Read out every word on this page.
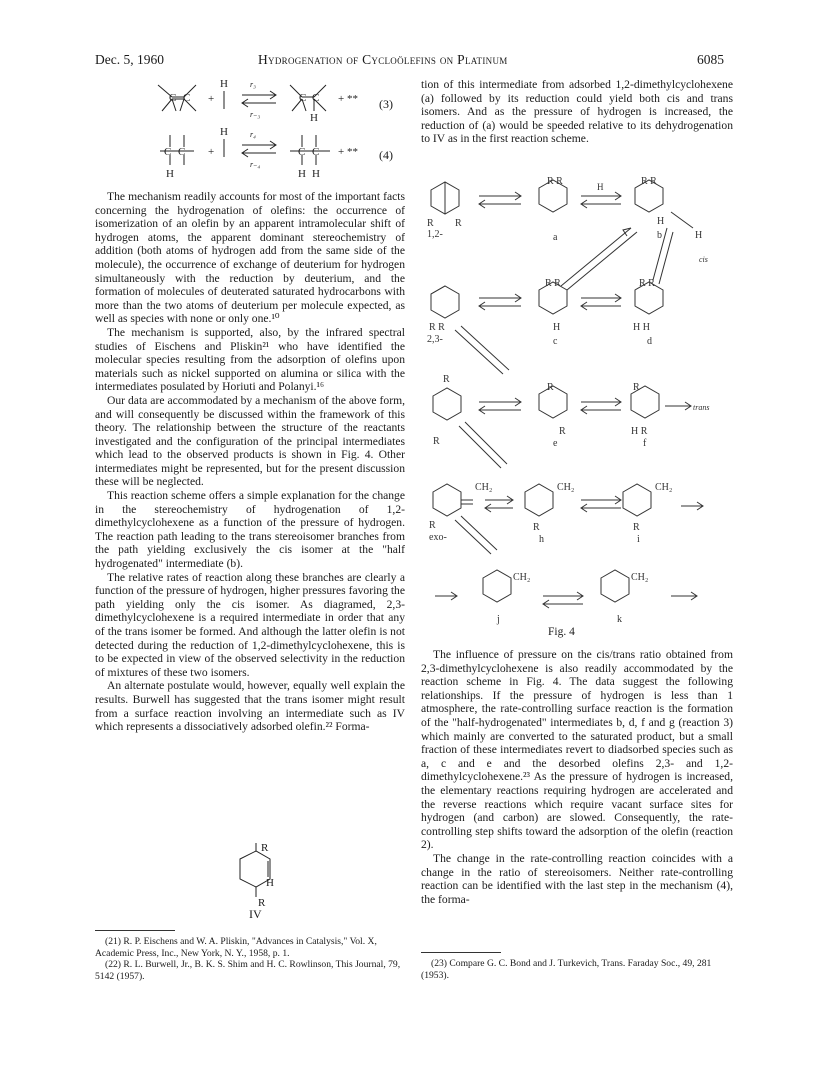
Dec. 5, 1960	Hydrogenation of Cycloölefins on Platinum	6085
C C +
H	r₃
r₋₃
C C
H
+ **
C C
H
+
H	r₄
r₋₄
C C
H H
+ **
(3)
(4)

The mechanism readily accounts for most of the important facts concerning the hydrogenation of olefins: the occurrence of isomerization of an olefin by an apparent intramolecular shift of hydrogen atoms, the apparent dominant stereochemistry of addition (both atoms of hydrogen add from the same side of the molecule), the occurrence of exchange of deuterium for hydrogen simultaneously with the reduction by deuterium, and the formation of molecules of deuterated saturated hydrocarbons with more than the two atoms of deuterium per molecule expected, as well as species with none or only one.¹⁰

The mechanism is supported, also, by the infrared spectral studies of Eischens and Pliskin²¹ who have identified the molecular species resulting from the adsorption of olefins upon materials such as nickel supported on alumina or silica with the intermediates posulated by Horiuti and Polanyi.¹⁶

Our data are accommodated by a mechanism of the above form, and will consequently be discussed within the framework of this theory. The relationship between the structure of the reactants investigated and the configuration of the principal intermediates which lead to the observed products is shown in Fig. 4. Other intermediates might be represented, but for the present discussion these will be neglected.

This reaction scheme offers a simple explanation for the change in the stereochemistry of hydrogenation of 1,2-dimethylcyclohexene as a function of the pressure of hydrogen. The reaction path leading to the trans stereoisomer branches from the path yielding exclusively the cis isomer at the "half hydrogenated" intermediate (b).

The relative rates of reaction along these branches are clearly a function of the pressure of hydrogen, higher pressures favoring the path yielding only the cis isomer. As diagramed, 2,3-dimethylcyclohexene is a required intermediate in order that any of the trans isomer be formed. And although the latter olefin is not detected during the reduction of 1,2-dimethylcyclohexene, this is to be expected in view of the observed selectivity in the reduction of mixtures of these two isomers.

An alternate postulate would, however, equally well explain the results. Burwell has suggested that the trans isomer might result from a surface reaction involving an intermediate such as IV which represents a dissociatively adsorbed olefin.²² Forma-

R
H
R
IV

(21) R. P. Eischens and W. A. Pliskin, "Advances in Catalysis," Vol. X, Academic Press, Inc., New York, N. Y., 1958, p. 1.

(22) R. L. Burwell, Jr., B. K. S. Shim and H. C. Rowlinson, This Journal, 79, 5142 (1957).

tion of this intermediate from adsorbed 1,2-dimethylcyclohexene (a) followed by its reduction could yield both cis and trans isomers. And as the pressure of hydrogen is increased, the reduction of (a) would be speeded relative to its dehydrogenation to IV as in the first reaction scheme.

R R
1,2-
R R
a
H	R R
H
b	H
cis
R R
2,3-
R R
H
c
R R
H H
d
R
R
R
R
e
R
H R
f
trans
CH₂	CH₂	CH₂
R
exo-
R
h
R
i
CH₂	CH₂
j	k
Fig. 4

The influence of pressure on the cis/trans ratio obtained from 2,3-dimethylcyclohexene is also readily accommodated by the reaction scheme in Fig. 4. The data suggest the following relationships. If the pressure of hydrogen is less than 1 atmosphere, the rate-controlling surface reaction is the formation of the "half-hydrogenated" intermediates b, d, f and g (reaction 3) which mainly are converted to the saturated product, but a small fraction of these intermediates revert to diadsorbed species such as a, c and e and the desorbed olefins 2,3- and 1,2-dimethylcyclohexene.²³ As the pressure of hydrogen is increased, the elementary reactions requiring hydrogen are accelerated and the reverse reactions which require vacant surface sites for hydrogen (and carbon) are slowed. Consequently, the rate-controlling step shifts toward the adsorption of the olefin (reaction 2).

The change in the rate-controlling reaction coincides with a change in the ratio of stereoisomers. Neither rate-controlling reaction can be identified with the last step in the mechanism (4), the forma-

(23) Compare G. C. Bond and J. Turkevich, Trans. Faraday Soc., 49, 281 (1953).
